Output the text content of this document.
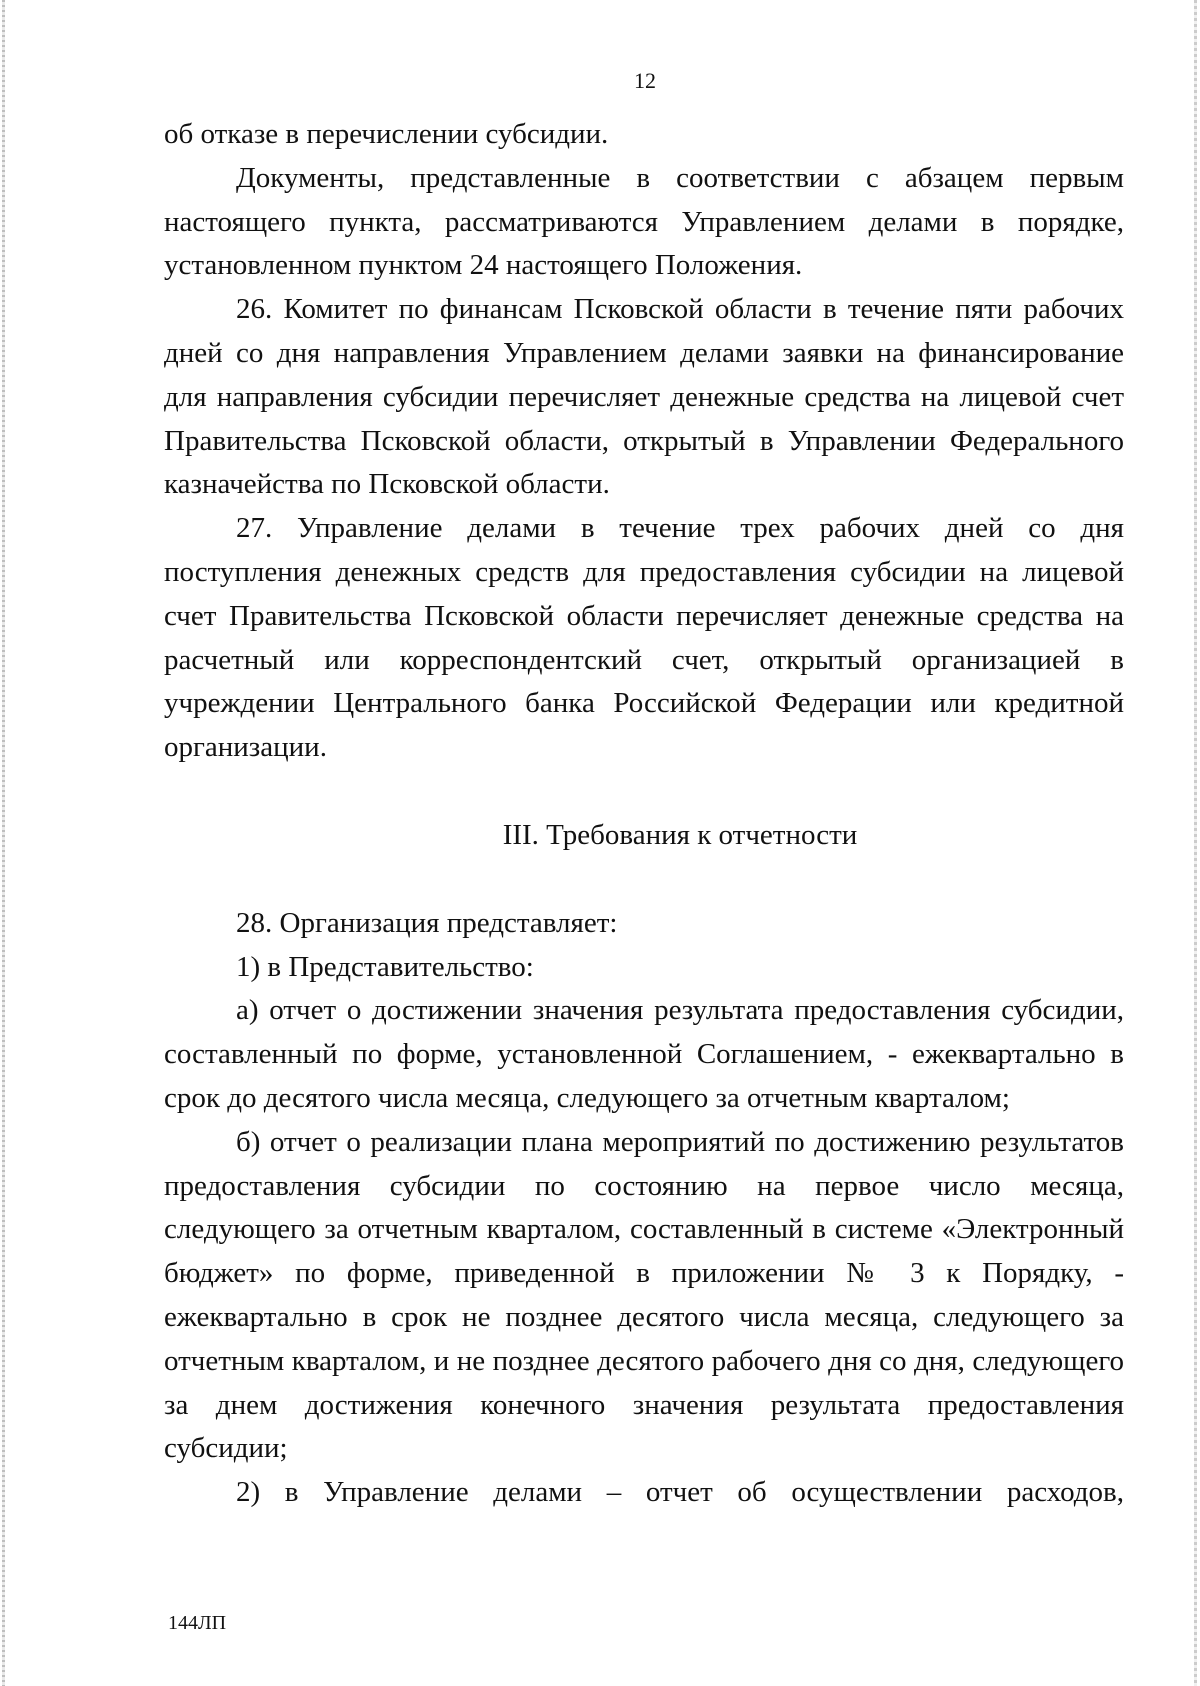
12

об отказе в перечислении субсидии.

Документы, представленные в соответствии с абзацем первым настоящего пункта, рассматриваются Управлением делами в порядке, установленном пунктом 24 настоящего Положения.

26. Комитет по финансам Псковской области в течение пяти рабочих дней со дня направления Управлением делами заявки на финансирование для направления субсидии перечисляет денежные средства на лицевой счет Правительства Псковской области, открытый в Управлении Федерального казначейства по Псковской области.

27. Управление делами в течение трех рабочих дней со дня поступления денежных средств для предоставления субсидии на лицевой счет Правительства Псковской области перечисляет денежные средства на расчетный или корреспондентский счет, открытый организацией в учреждении Центрального банка Российской Федерации или кредитной организации.

III. Требования к отчетности

28. Организация представляет:

1) в Представительство:

а) отчет о достижении значения результата предоставления субсидии, составленный по форме, установленной Соглашением, - ежеквартально в срок до десятого числа месяца, следующего за отчетным кварталом;

б) отчет о реализации плана мероприятий по достижению результатов предоставления субсидии по состоянию на первое число месяца, следующего за отчетным кварталом, составленный в системе «Электронный бюджет» по форме, приведенной в приложении № 3 к Порядку, - ежеквартально в срок не позднее десятого числа месяца, следующего за отчетным кварталом, и не позднее десятого рабочего дня со дня, следующего за днем достижения конечного значения результата предоставления субсидии;

2) в Управление делами – отчет об осуществлении расходов,

144ЛП
